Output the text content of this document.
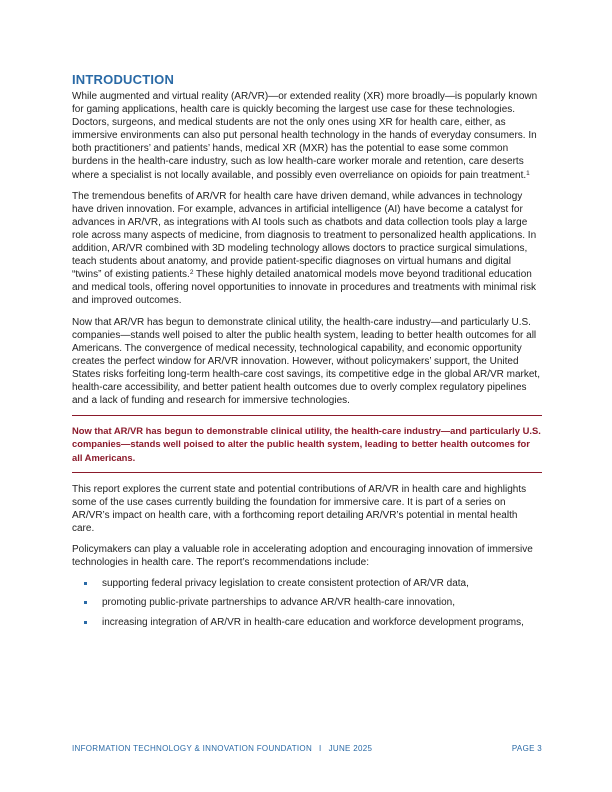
INTRODUCTION

While augmented and virtual reality (AR/VR)—or extended reality (XR) more broadly—is popularly known for gaming applications, health care is quickly becoming the largest use case for these technologies. Doctors, surgeons, and medical students are not the only ones using XR for health care, either, as immersive environments can also put personal health technology in the hands of everyday consumers. In both practitioners’ and patients’ hands, medical XR (MXR) has the potential to ease some common burdens in the health-care industry, such as low health-care worker morale and retention, care deserts where a specialist is not locally available, and possibly even overreliance on opioids for pain treatment.$^1$

The tremendous benefits of AR/VR for health care have driven demand, while advances in technology have driven innovation. For example, advances in artificial intelligence (AI) have become a catalyst for advances in AR/VR, as integrations with AI tools such as chatbots and data collection tools play a large role across many aspects of medicine, from diagnosis to treatment to personalized health applications. In addition, AR/VR combined with 3D modeling technology allows doctors to practice surgical simulations, teach students about anatomy, and provide patient-specific diagnoses on virtual humans and digital “twins” of existing patients.$^2$ These highly detailed anatomical models move beyond traditional education and medical tools, offering novel opportunities to innovate in procedures and treatments with minimal risk and improved outcomes.

Now that AR/VR has begun to demonstrate clinical utility, the health-care industry—and particularly U.S. companies—stands well poised to alter the public health system, leading to better health outcomes for all Americans. The convergence of medical necessity, technological capability, and economic opportunity creates the perfect window for AR/VR innovation. However, without policymakers’ support, the United States risks forfeiting long-term health-care cost savings, its competitive edge in the global AR/VR market, health-care accessibility, and better patient health outcomes due to overly complex regulatory pipelines and a lack of funding and research for immersive technologies.

Now that AR/VR has begun to demonstrable clinical utility, the health-care industry—and particularly U.S. companies—stands well poised to alter the public health system, leading to better health outcomes for all Americans.

This report explores the current state and potential contributions of AR/VR in health care and highlights some of the use cases currently building the foundation for immersive care. It is part of a series on AR/VR’s impact on health care, with a forthcoming report detailing AR/VR’s potential in mental health care.

Policymakers can play a valuable role in accelerating adoption and encouraging innovation of immersive technologies in health care. The report’s recommendations include:

supporting federal privacy legislation to create consistent protection of AR/VR data,
promoting public-private partnerships to advance AR/VR health-care innovation,
increasing integration of AR/VR in health-care education and workforce development programs,
INFORMATION TECHNOLOGY & INNOVATION FOUNDATION I JUNE 2025	PAGE 3
